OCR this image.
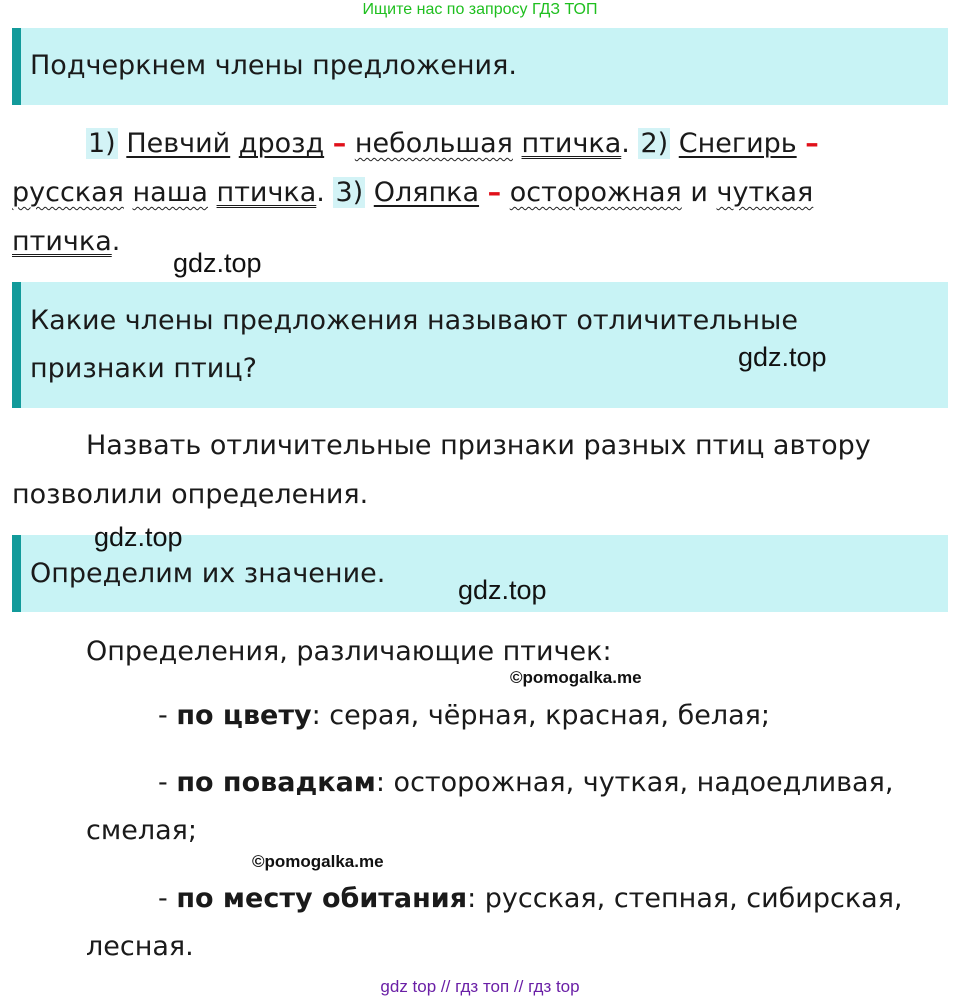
Ищите нас по запросу ГДЗ ТОП
Подчеркнем члены предложения.
1) Певчий дрозд – небольшая птичка. 2) Снегирь –
русская наша птичка. 3) Оляпка – осторожная и чуткая
птичка.
gdz.top
Какие члены предложения называют отличительные
признаки птиц?	gdz.top
Назвать отличительные признаки разных птиц автору
позволили определения.
gdz.top
Определим их значение.
gdz.top
Определения, различающие птичек:
©pomogalka.me
- по цвету: серая, чёрная, красная, белая;
- по повадкам: осторожная, чуткая, надоедливая,
смелая;
©pomogalka.me
- по месту обитания: русская, степная, сибирская,
лесная.
gdz top // гдз топ // гдз top
